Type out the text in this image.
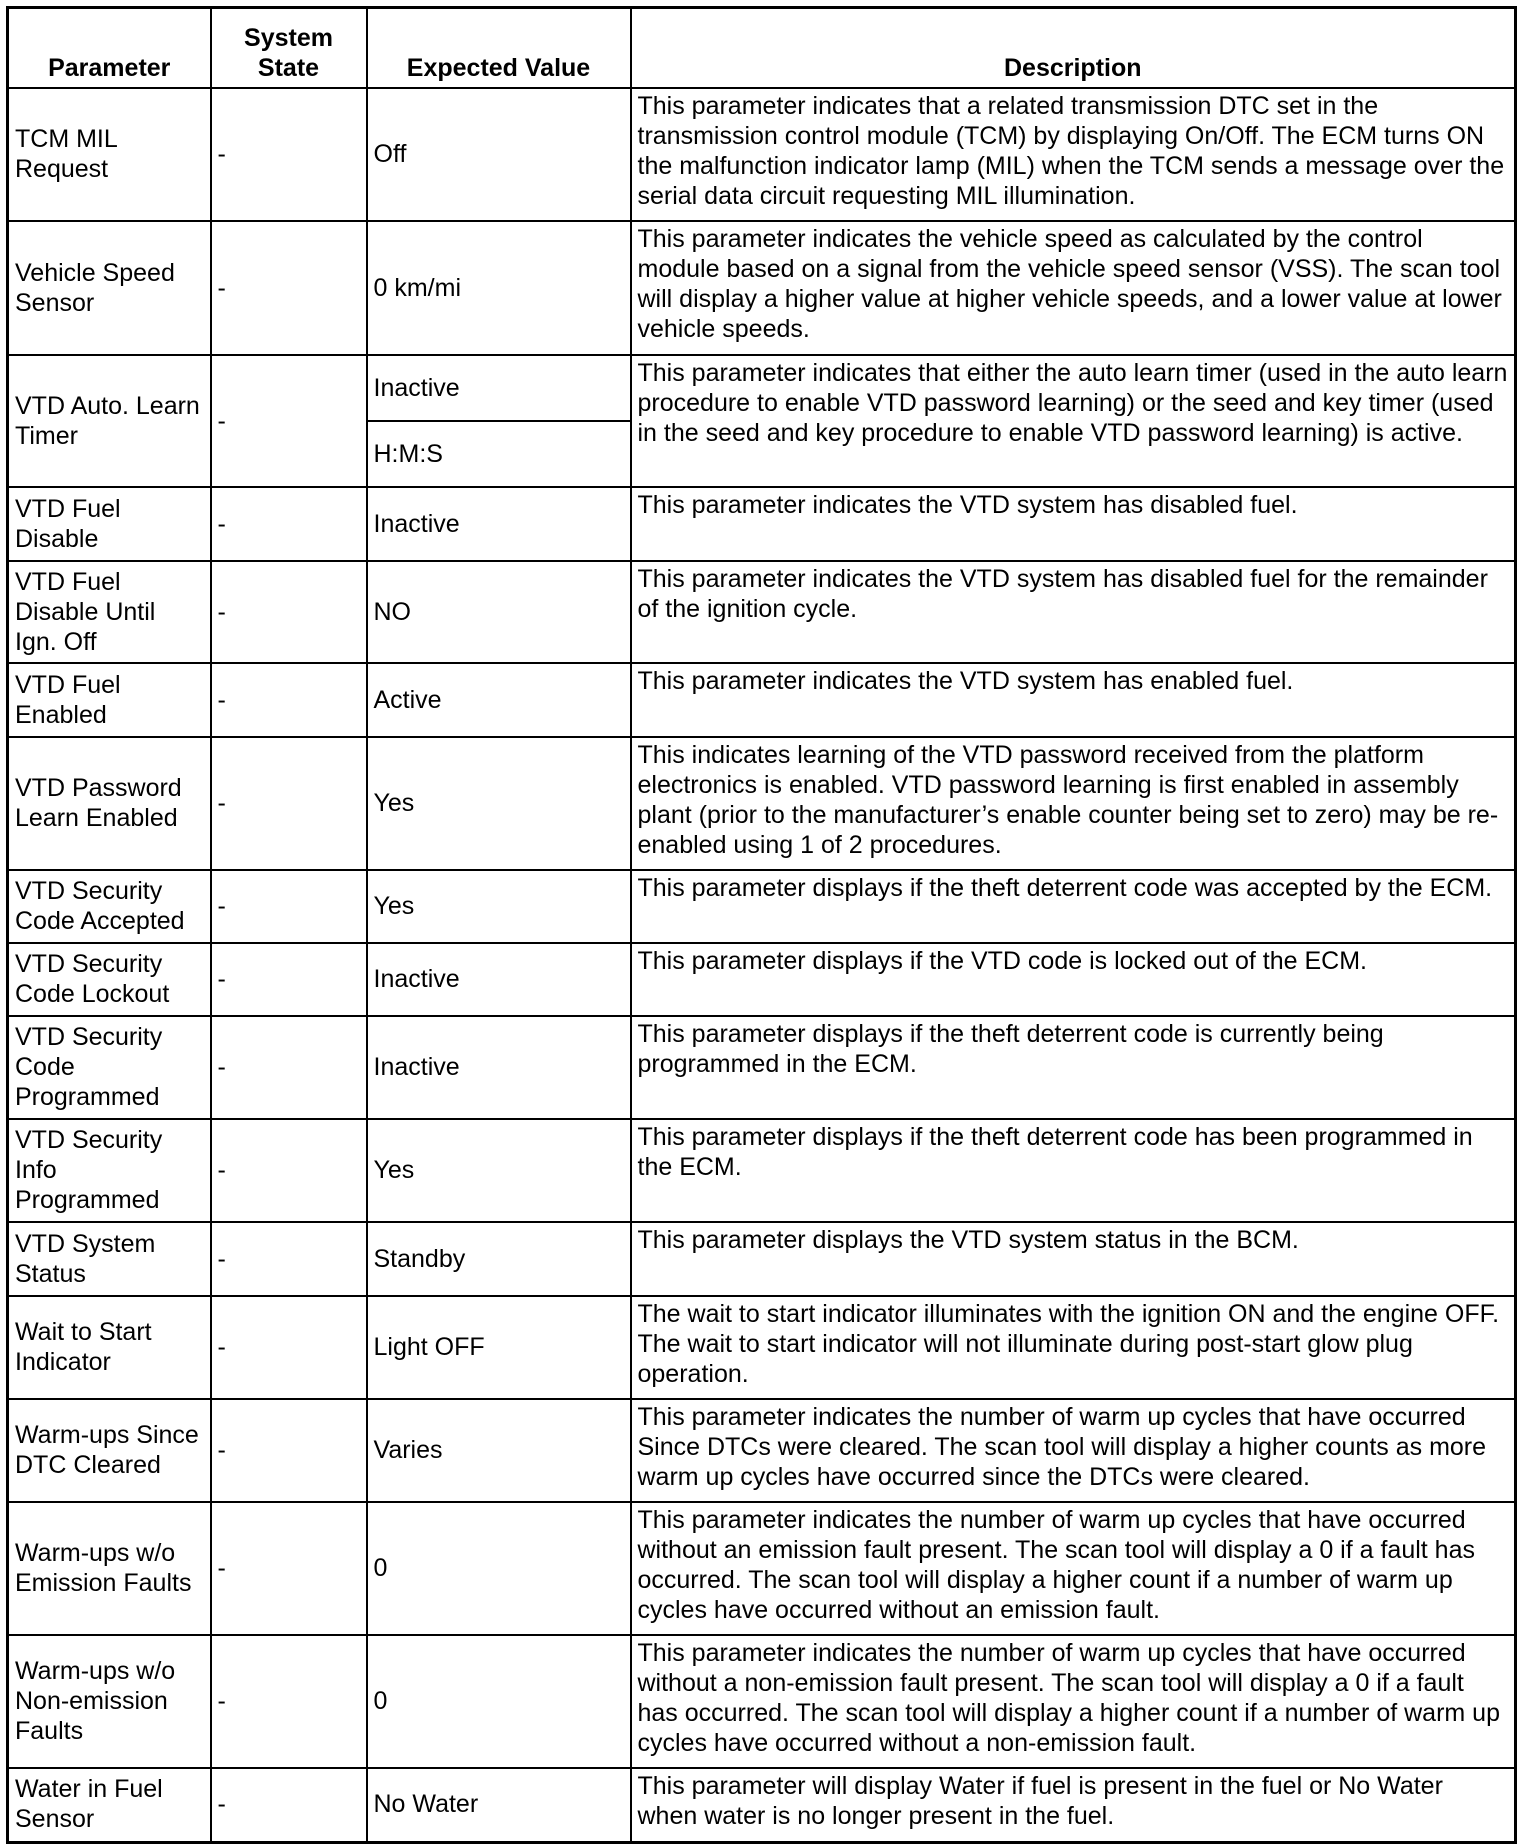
Parameter	System State	Expected Value	Description
TCM MIL Request	-	Off	This parameter indicates that a related transmission DTC set in the transmission control module (TCM) by displaying On/Off. The ECM turns ON the malfunction indicator lamp (MIL) when the TCM sends a message over the serial data circuit requesting MIL illumination.
Vehicle Speed Sensor	-	0 km/mi	This parameter indicates the vehicle speed as calculated by the control module based on a signal from the vehicle speed sensor (VSS). The scan tool will display a higher value at higher vehicle speeds, and a lower value at lower vehicle speeds.
VTD Auto. Learn Timer	-	Inactive	This parameter indicates that either the auto learn timer (used in the auto learn procedure to enable VTD password learning) or the seed and key timer (used in the seed and key procedure to enable VTD password learning) is active.
		H:M:S	
VTD Fuel Disable	-	Inactive	This parameter indicates the VTD system has disabled fuel.
VTD Fuel Disable Until Ign. Off	-	NO	This parameter indicates the VTD system has disabled fuel for the remainder of the ignition cycle.
VTD Fuel Enabled	-	Active	This parameter indicates the VTD system has enabled fuel.
VTD Password Learn Enabled	-	Yes	This indicates learning of the VTD password received from the platform electronics is enabled. VTD password learning is first enabled in assembly plant (prior to the manufacturer’s enable counter being set to zero) may be re-enabled using 1 of 2 procedures.
VTD Security Code Accepted	-	Yes	This parameter displays if the theft deterrent code was accepted by the ECM.
VTD Security Code Lockout	-	Inactive	This parameter displays if the VTD code is locked out of the ECM.
VTD Security Code Programmed	-	Inactive	This parameter displays if the theft deterrent code is currently being programmed in the ECM.
VTD Security Info Programmed	-	Yes	This parameter displays if the theft deterrent code has been programmed in the ECM.
VTD System Status	-	Standby	This parameter displays the VTD system status in the BCM.
Wait to Start Indicator	-	Light OFF	The wait to start indicator illuminates with the ignition ON and the engine OFF. The wait to start indicator will not illuminate during post-start glow plug operation.
Warm-ups Since DTC Cleared	-	Varies	This parameter indicates the number of warm up cycles that have occurred Since DTCs were cleared. The scan tool will display a higher counts as more warm up cycles have occurred since the DTCs were cleared.
Warm-ups w/o Emission Faults	-	0	This parameter indicates the number of warm up cycles that have occurred without an emission fault present. The scan tool will display a 0 if a fault has occurred. The scan tool will display a higher count if a number of warm up cycles have occurred without an emission fault.
Warm-ups w/o Non-emission Faults	-	0	This parameter indicates the number of warm up cycles that have occurred without a non-emission fault present. The scan tool will display a 0 if a fault has occurred. The scan tool will display a higher count if a number of warm up cycles have occurred without a non-emission fault.
Water in Fuel Sensor	-	No Water	This parameter will display Water if fuel is present in the fuel or No Water when water is no longer present in the fuel.
